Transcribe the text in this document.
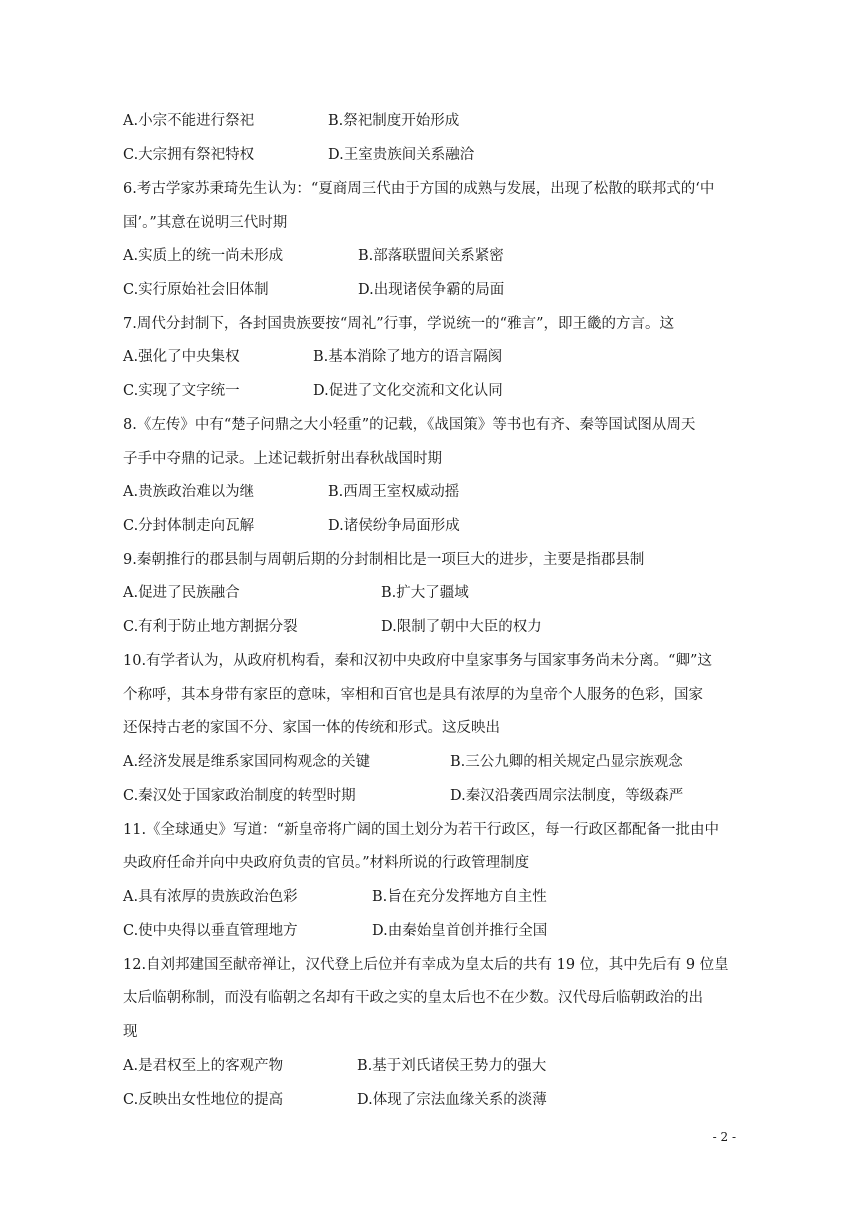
A.小宗不能进行祭祀	B.祭祀制度开始形成
C.大宗拥有祭祀特权	D.王室贵族间关系融洽
6.考古学家苏秉琦先生认为：“夏商周三代由于方国的成熟与发展，出现了松散的联邦式的‘中
国’。”其意在说明三代时期
A.实质上的统一尚未形成	B.部落联盟间关系紧密
C.实行原始社会旧体制	D.出现诸侯争霸的局面
7.周代分封制下，各封国贵族要按“周礼”行事，学说统一的“雅言”，即王畿的方言。这
A.强化了中央集权	B.基本消除了地方的语言隔阂
C.实现了文字统一	D.促进了文化交流和文化认同
8.《左传》中有“楚子问鼎之大小轻重”的记载，《战国策》等书也有齐、秦等国试图从周天
子手中夺鼎的记录。上述记载折射出春秋战国时期
A.贵族政治难以为继	B.西周王室权威动摇
C.分封体制走向瓦解	D.诸侯纷争局面形成
9.秦朝推行的郡县制与周朝后期的分封制相比是一项巨大的进步，主要是指郡县制
A.促进了民族融合	B.扩大了疆域
C.有利于防止地方割据分裂	D.限制了朝中大臣的权力
10.有学者认为，从政府机构看，秦和汉初中央政府中皇家事务与国家事务尚未分离。“卿”这
个称呼，其本身带有家臣的意味，宰相和百官也是具有浓厚的为皇帝个人服务的色彩，国家
还保持古老的家国不分、家国一体的传统和形式。这反映出
A.经济发展是维系家国同构观念的关键	B.三公九卿的相关规定凸显宗族观念
C.秦汉处于国家政治制度的转型时期	D.秦汉沿袭西周宗法制度，等级森严
11.《全球通史》写道：“新皇帝将广阔的国土划分为若干行政区，每一行政区都配备一批由中
央政府任命并向中央政府负责的官员。”材料所说的行政管理制度
A.具有浓厚的贵族政治色彩	B.旨在充分发挥地方自主性
C.使中央得以垂直管理地方	D.由秦始皇首创并推行全国
12.自刘邦建国至献帝禅让，汉代登上后位并有幸成为皇太后的共有 19 位，其中先后有 9 位皇
太后临朝称制，而没有临朝之名却有干政之实的皇太后也不在少数。汉代母后临朝政治的出
现
A.是君权至上的客观产物	B.基于刘氏诸侯王势力的强大
C.反映出女性地位的提高	D.体现了宗法血缘关系的淡薄
- 2 -
